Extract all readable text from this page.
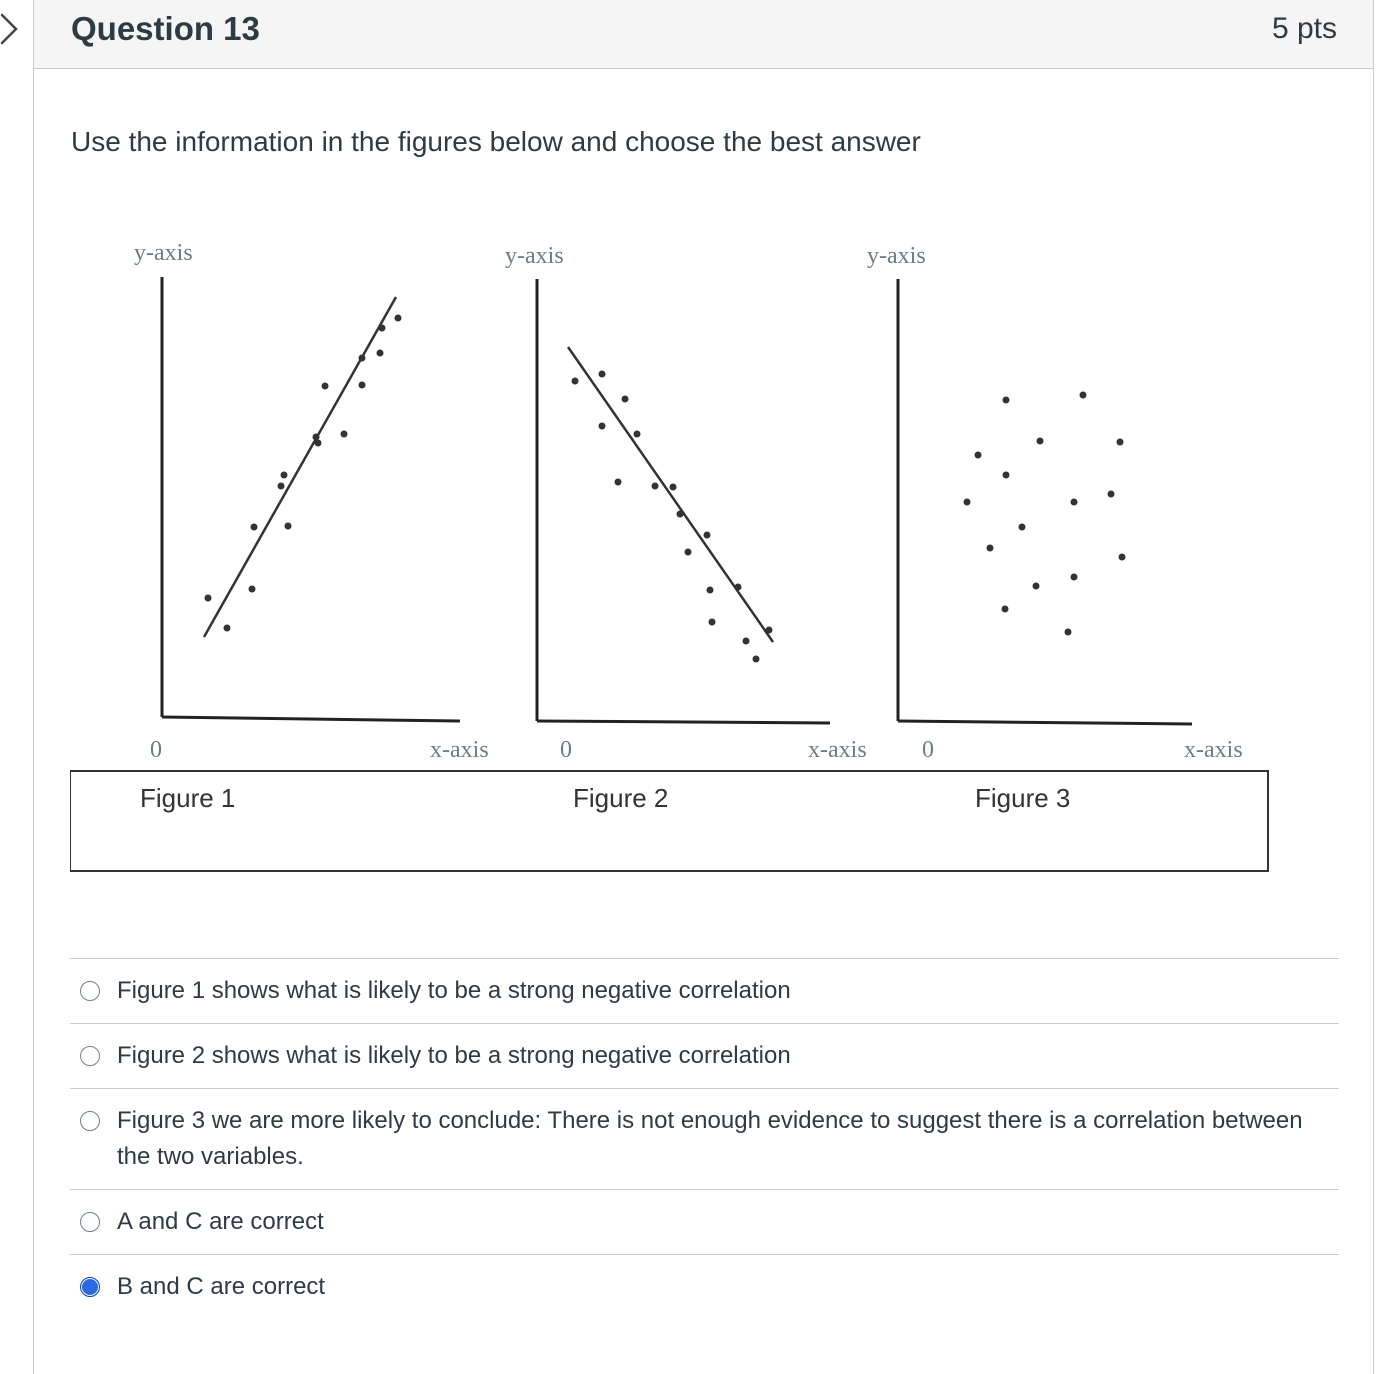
Question 13	5 pts
Use the information in the figures below and choose the best answer
y-axis
x-axis
0
y-axis
x-axis
0
y-axis
x-axis
0
Figure 1	Figure 2	Figure 3
Figure 1 shows what is likely to be a strong negative correlation
Figure 2 shows what is likely to be a strong negative correlation
Figure 3 we are more likely to conclude: There is not enough evidence to suggest there is a correlation between the two variables.
A and C are correct
B and C are correct
